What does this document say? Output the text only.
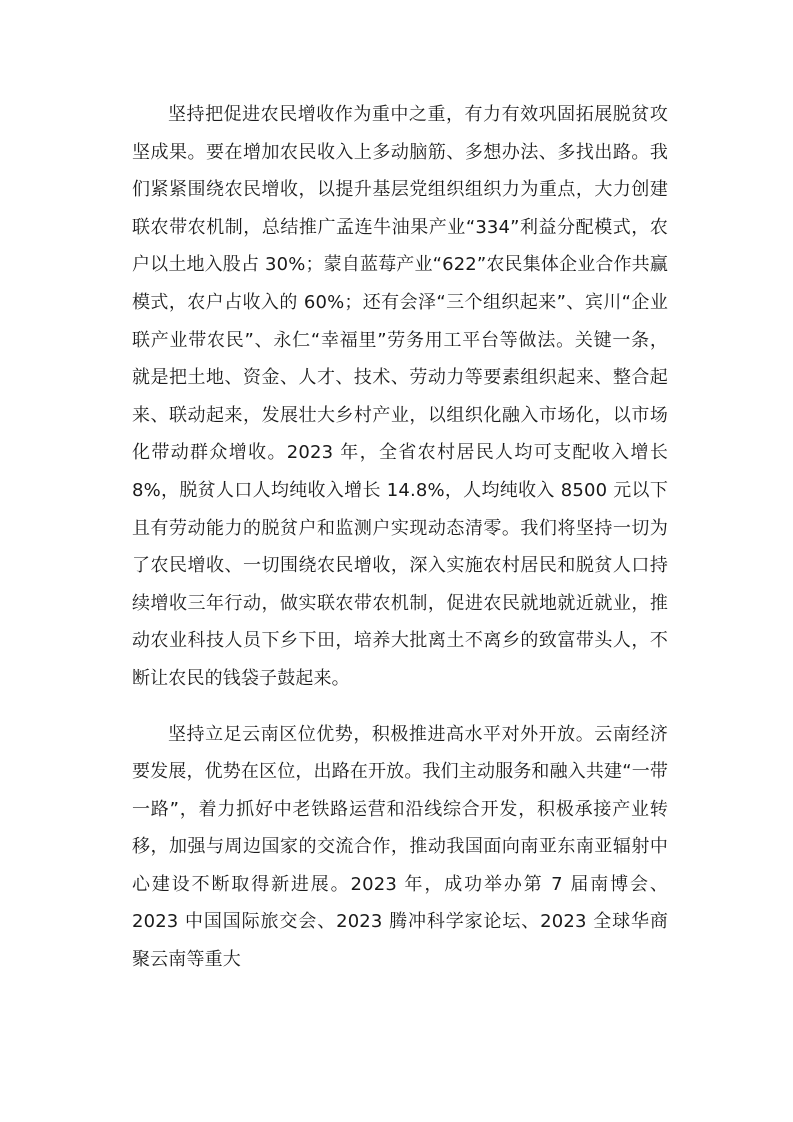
坚持把促进农民增收作为重中之重，有力有效巩固拓展脱贫攻坚成果。要在增加农民收入上多动脑筋、多想办法、多找出路。我们紧紧围绕农民增收，以提升基层党组织组织力为重点，大力创建联农带农机制，总结推广孟连牛油果产业“334”利益分配模式，农户以土地入股占 30%；蒙自蓝莓产业“622”农民集体企业合作共赢模式，农户占收入的 60%；还有会泽“三个组织起来”、宾川“企业联产业带农民”、永仁“幸福里”劳务用工平台等做法。关键一条，就是把土地、资金、人才、技术、劳动力等要素组织起来、整合起来、联动起来，发展壮大乡村产业，以组织化融入市场化，以市场化带动群众增收。2023 年，全省农村居民人均可支配收入增长 8%，脱贫人口人均纯收入增长 14.8%，人均纯收入 8500 元以下且有劳动能力的脱贫户和监测户实现动态清零。我们将坚持一切为了农民增收、一切围绕农民增收，深入实施农村居民和脱贫人口持续增收三年行动，做实联农带农机制，促进农民就地就近就业，推动农业科技人员下乡下田，培养大批离土不离乡的致富带头人，不断让农民的钱袋子鼓起来。

坚持立足云南区位优势，积极推进高水平对外开放。云南经济要发展，优势在区位，出路在开放。我们主动服务和融入共建“一带一路”，着力抓好中老铁路运营和沿线综合开发，积极承接产业转移，加强与周边国家的交流合作，推动我国面向南亚东南亚辐射中心建设不断取得新进展。2023 年，成功举办第 7 届南博会、2023 中国国际旅交会、2023 腾冲科学家论坛、2023 全球华商聚云南等重大
